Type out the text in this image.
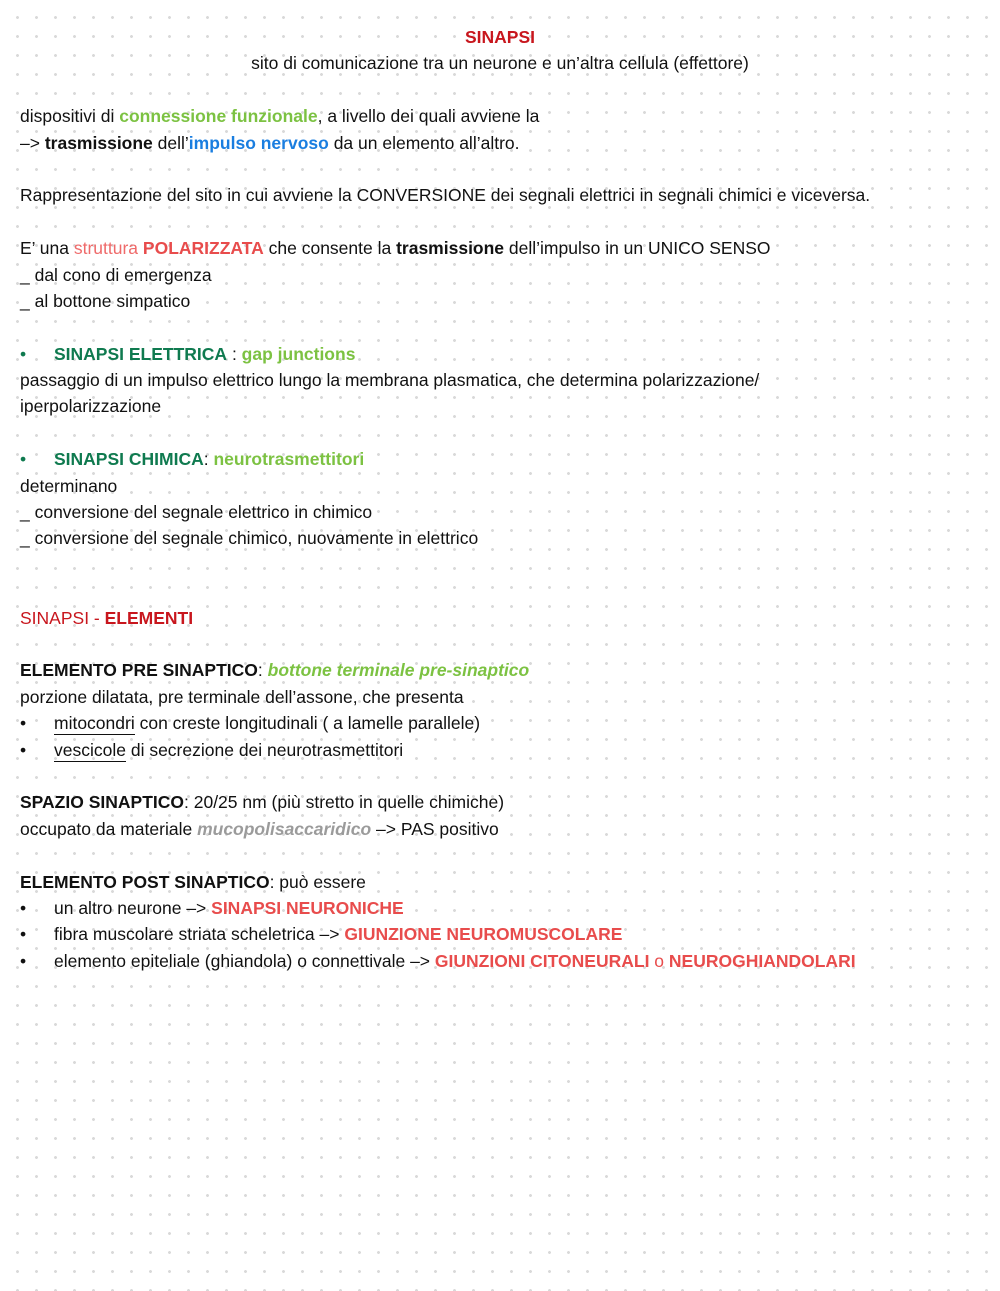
SINAPSI
sito di comunicazione tra un neurone e un’altra cellula (effettore)
dispositivi di connessione funzionale, a livello dei quali avviene la
–> trasmissione dell’impulso nervoso da un elemento all’altro.
Rappresentazione del sito in cui avviene la CONVERSIONE dei segnali elettrici in segnali chimici e viceversa.
E’ una struttura POLARIZZATA che consente la trasmissione dell’impulso in un UNICO SENSO
_ dal cono di emergenza
_ al bottone simpatico
• SINAPSI ELETTRICA : gap junctions
passaggio di un impulso elettrico lungo la membrana plasmatica, che determina polarizzazione/
iperpolarizzazione
• SINAPSI CHIMICA: neurotrasmettitori
determinano
_ conversione del segnale elettrico in chimico
_ conversione del segnale chimico, nuovamente in elettrico
SINAPSI - ELEMENTI
ELEMENTO PRE SINAPTICO: bottone terminale pre-sinaptico
porzione dilatata, pre terminale dell’assone, che presenta
• mitocondri con creste longitudinali ( a lamelle parallele)
• vescicole di secrezione dei neurotrasmettitori
SPAZIO SINAPTICO: 20/25 nm (più stretto in quelle chimiche)
occupato da materiale mucopolisaccaridico –> PAS positivo
ELEMENTO POST SINAPTICO: può essere
• un altro neurone –> SINAPSI NEURONICHE
• fibra muscolare striata scheletrica –> GIUNZIONE NEUROMUSCOLARE
• elemento epiteliale (ghiandola) o connettivale –> GIUNZIONI CITONEURALI o NEUROGHIANDOLARI
